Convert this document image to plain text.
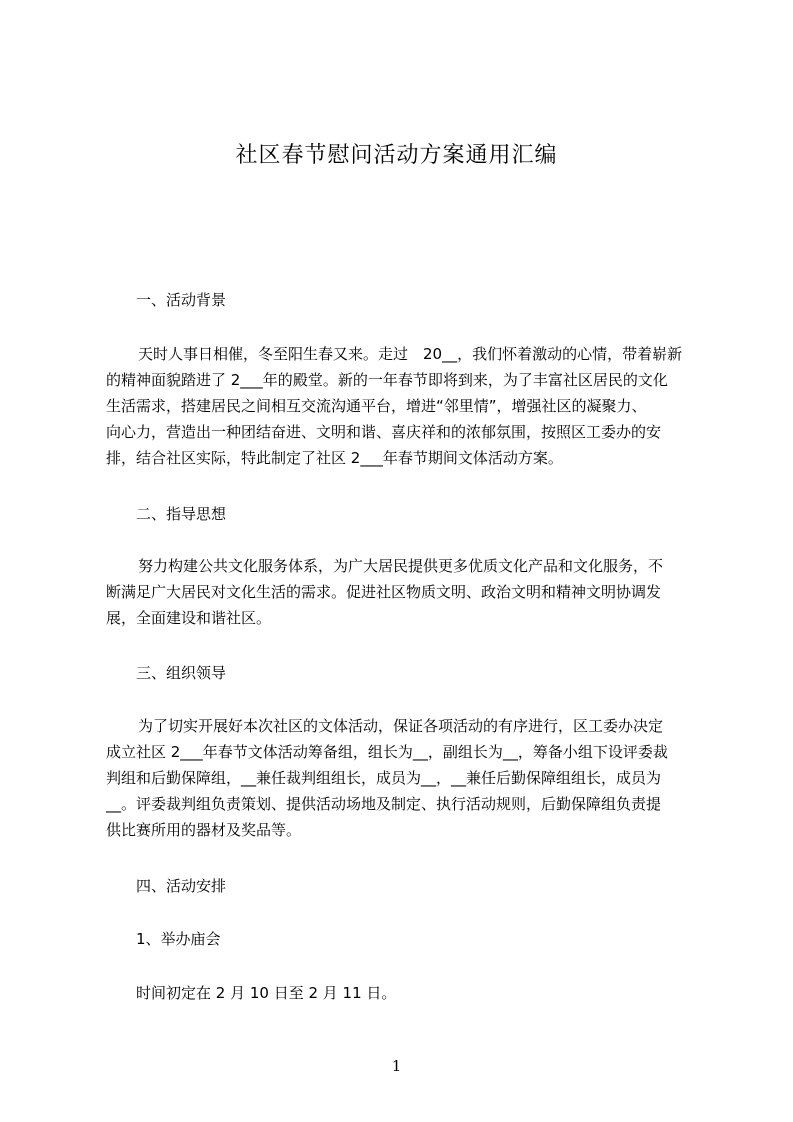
社区春节慰问活动方案通用汇编
一、活动背景
天时人事日相催，冬至阳生春又来。走过　20__，我们怀着激动的心情，带着崭新
的精神面貌踏进了 2___年的殿堂。新的一年春节即将到来，为了丰富社区居民的文化
生活需求，搭建居民之间相互交流沟通平台，增进“邻里情”，增强社区的凝聚力、
向心力，营造出一种团结奋进、文明和谐、喜庆祥和的浓郁氛围，按照区工委办的安
排，结合社区实际，特此制定了社区 2___年春节期间文体活动方案。
二、指导思想
努力构建公共文化服务体系，为广大居民提供更多优质文化产品和文化服务，不
断满足广大居民对文化生活的需求。促进社区物质文明、政治文明和精神文明协调发
展，全面建设和谐社区。
三、组织领导
为了切实开展好本次社区的文体活动，保证各项活动的有序进行，区工委办决定
成立社区 2___年春节文体活动筹备组，组长为__，副组长为__，筹备小组下设评委裁
判组和后勤保障组，__兼任裁判组组长，成员为__，__兼任后勤保障组组长，成员为
__。评委裁判组负责策划、提供活动场地及制定、执行活动规则，后勤保障组负责提
供比赛所用的器材及奖品等。
四、活动安排
1、举办庙会
时间初定在 2 月 10 日至 2 月 11 日。
1
